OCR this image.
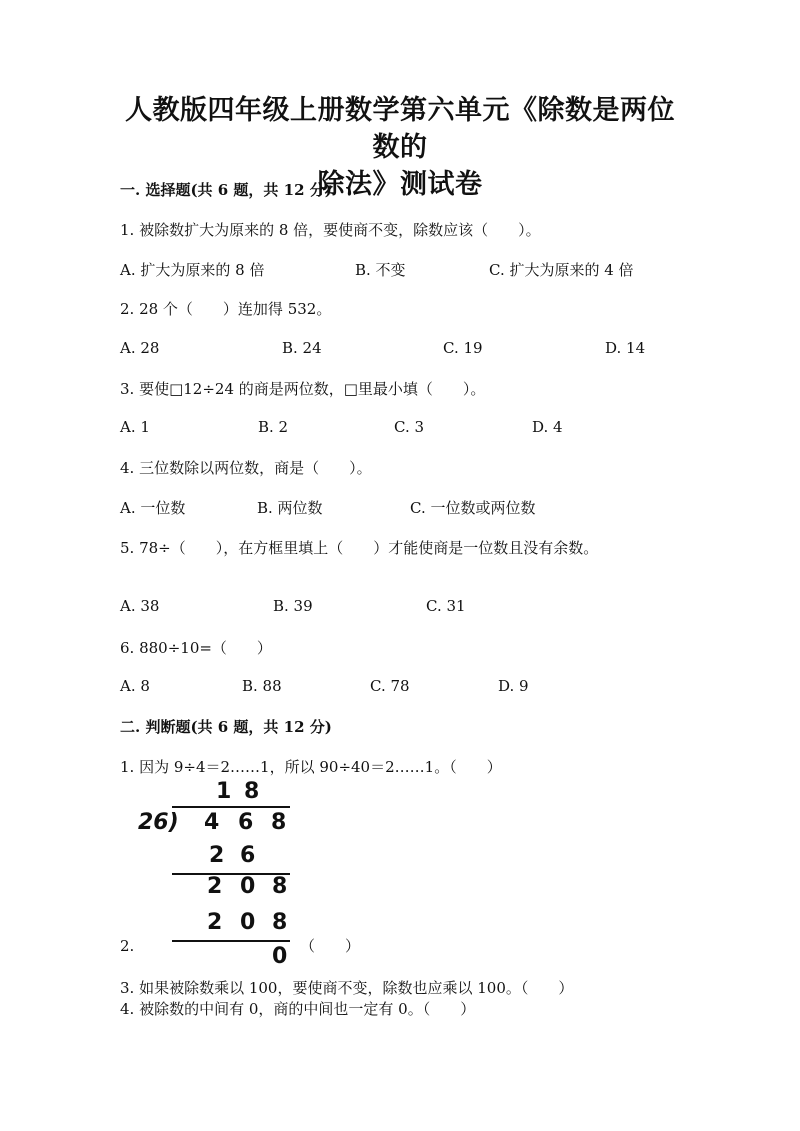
人教版四年级上册数学第六单元《除数是两位数的
除法》测试卷
一. 选择题(共 6 题，共 12 分)
1. 被除数扩大为原来的 8 倍，要使商不变，除数应该（　　）。
A. 扩大为原来的 8 倍	B. 不变	C. 扩大为原来的 4 倍
2. 28 个（　　）连加得 532。
A. 28	B. 24	C. 19	D. 14
3. 要使□12÷24 的商是两位数，□里最小填（　　）。
A. 1	B. 2	C. 3	D. 4
4. 三位数除以两位数，商是（　　）。
A. 一位数	B. 两位数	C. 一位数或两位数
5. 78÷（　　），在方框里填上（　　）才能使商是一位数且没有余数。
A. 38	B. 39	C. 31
6. 880÷10=（　　）
A. 8	B. 88	C. 78	D. 9
二. 判断题(共 6 题，共 12 分)
1. 因为 9÷4＝2……1，所以 90÷40＝2……1。（　　）
1 8
26) 4 6 8
2 6
2 0 8
2 0 8
0
2.	（　　）
3. 如果被除数乘以 100，要使商不变，除数也应乘以 100。（　　）
4. 被除数的中间有 0，商的中间也一定有 0。（　　）
